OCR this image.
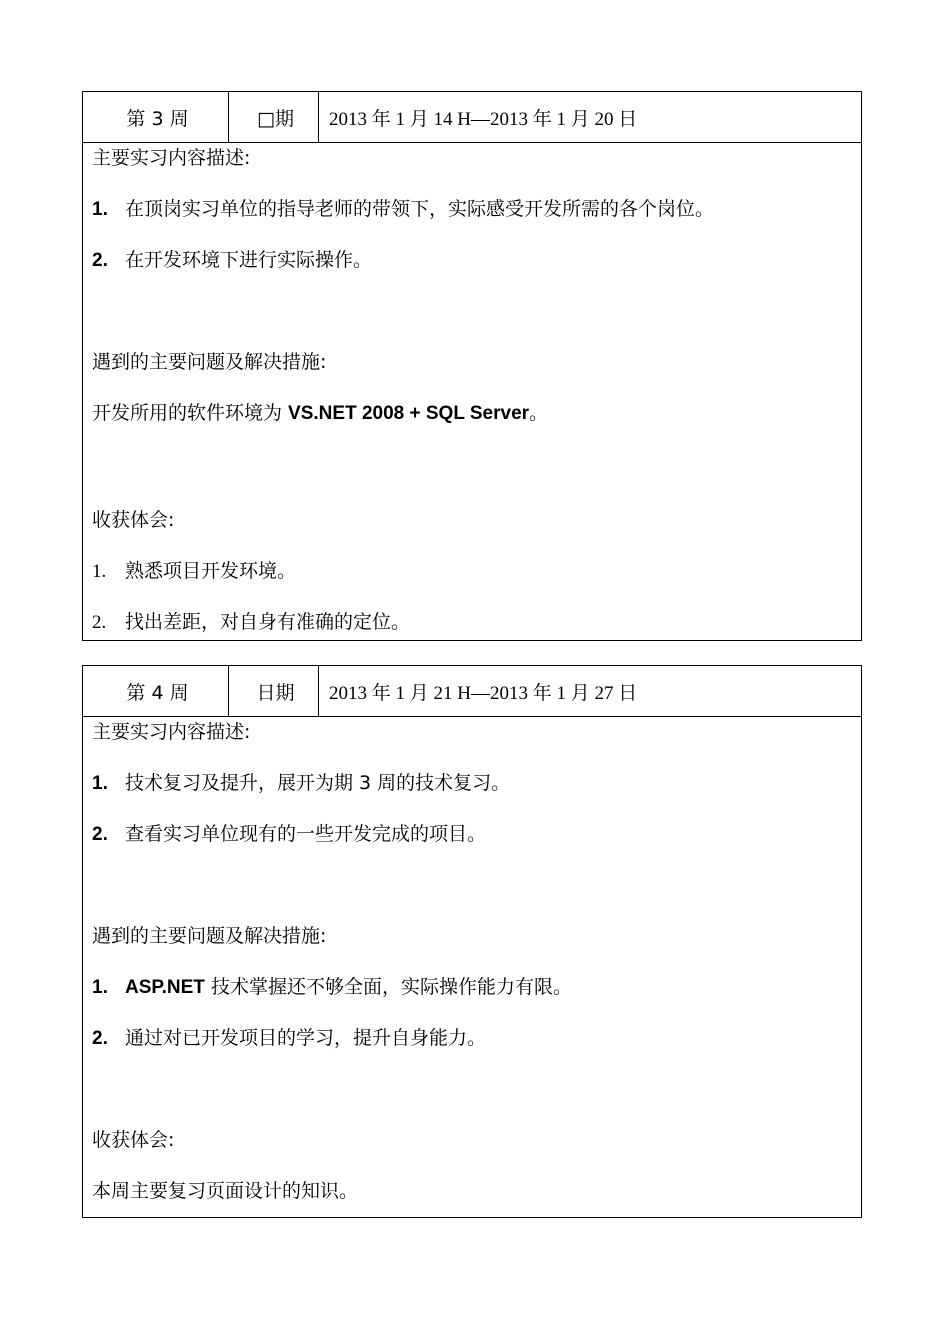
第 3 周	□期	2013 年 1 月 14 H—2013 年 1 月 20 日
主要实习内容描述:
1. 在顶岗实习单位的指导老师的带领下，实际感受开发所需的各个岗位。
2. 在开发环境下进行实际操作。
遇到的主要问题及解决措施:
开发所用的软件环境为 VS.NET 2008 + SQL Server。
收获体会:
1. 熟悉项目开发环境。
2. 找出差距，对自身有准确的定位。
第 4 周	日期	2013 年 1 月 21 H—2013 年 1 月 27 日
主要实习内容描述:
1. 技术复习及提升，展开为期 3 周的技术复习。
2. 查看实习单位现有的一些开发完成的项目。
遇到的主要问题及解决措施:
1. ASP.NET 技术掌握还不够全面，实际操作能力有限。
2. 通过对已开发项目的学习，提升自身能力。
收获体会:
本周主要复习页面设计的知识。
